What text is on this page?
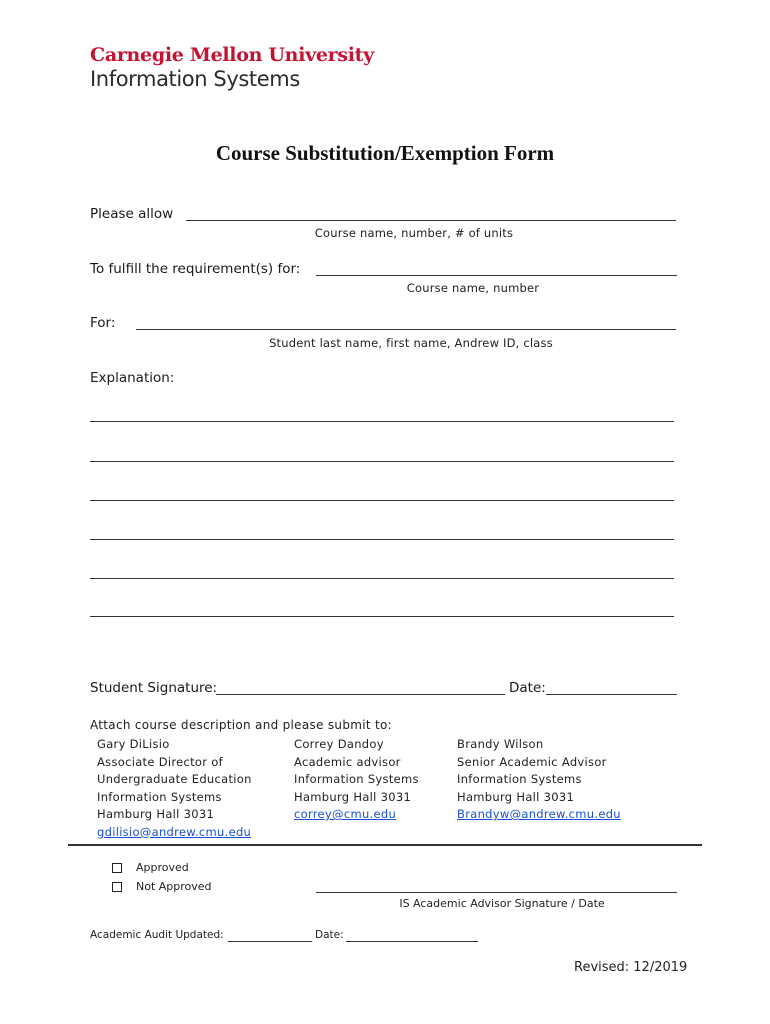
Carnegie Mellon University
Information Systems
Course Substitution/Exemption Form
Please allow
Course name, number, # of units
To fulfill the requirement(s) for:
Course name, number
For:
Student last name, first name, Andrew ID, class
Explanation:
Student Signature:	Date:
Attach course description and please submit to:
Gary DiLisio
Associate Director of
Undergraduate Education
Information Systems
Hamburg Hall 3031
gdilisio@andrew.cmu.edu
Correy Dandoy
Academic advisor
Information Systems
Hamburg Hall 3031
correy@cmu.edu
Brandy Wilson
Senior Academic Advisor
Information Systems
Hamburg Hall 3031
Brandyw@andrew.cmu.edu
Approved
Not Approved
IS Academic Advisor Signature / Date
Academic Audit Updated:	Date:
Revised: 12/2019
